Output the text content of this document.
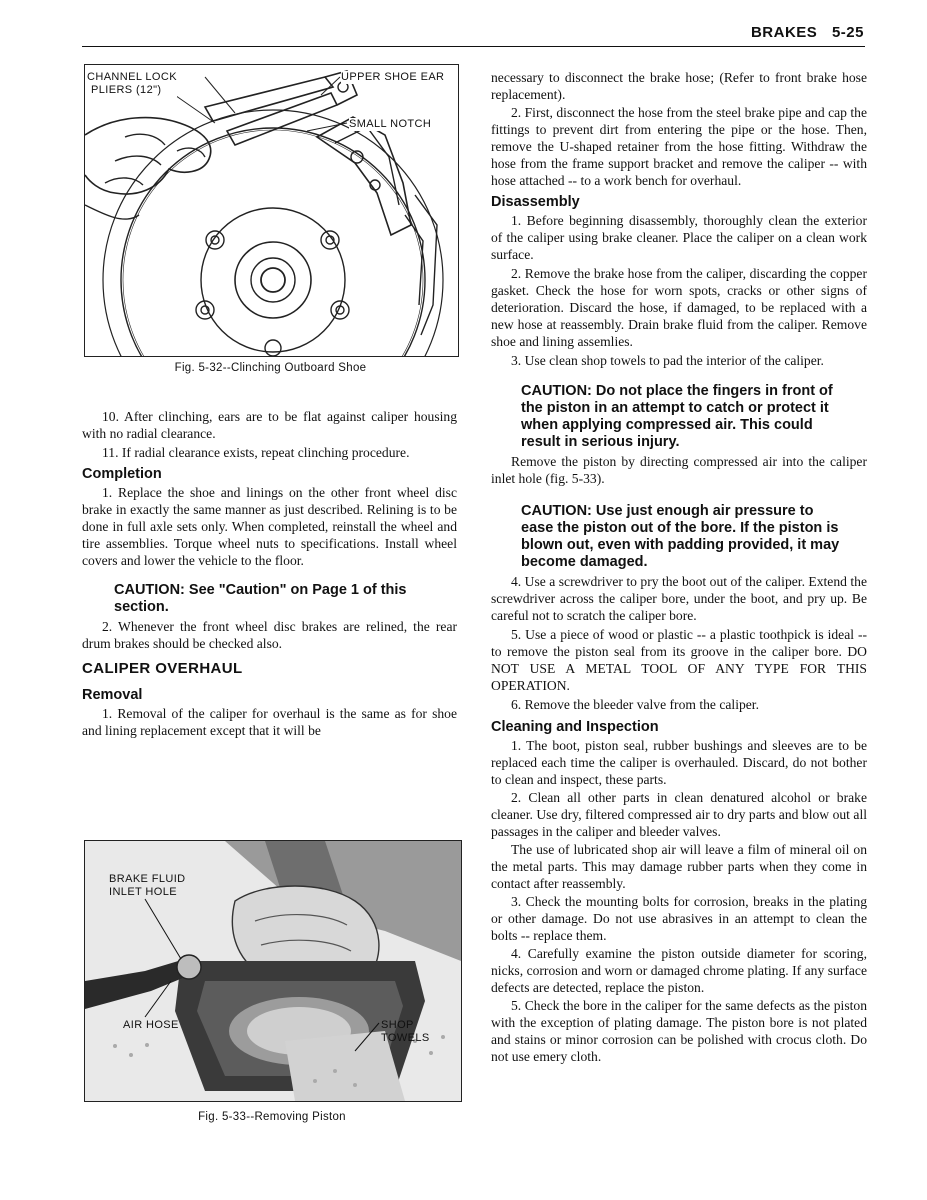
BRAKES 5-25
CHANNEL LOCK
PLIERS (12")
UPPER SHOE EAR
SMALL NOTCH
Fig. 5-32--Clinching Outboard Shoe

10. After clinching, ears are to be flat against caliper housing with no radial clearance.

11. If radial clearance exists, repeat clinching procedure.

Completion

1. Replace the shoe and linings on the other front wheel disc brake in exactly the same manner as just described. Relining is to be done in full axle sets only. When completed, reinstall the wheel and tire assemblies. Torque wheel nuts to specifications. Install wheel covers and lower the vehicle to the floor.

CAUTION: See "Caution" on Page 1 of this section.

2. Whenever the front wheel disc brakes are relined, the rear drum brakes should be checked also.

CALIPER OVERHAUL
Removal

1. Removal of the caliper for overhaul is the same as for shoe and lining replacement except that it will be

BRAKE FLUID
INLET HOLE
AIR HOSE	SHOP
TOWELS
Fig. 5-33--Removing Piston

necessary to disconnect the brake hose; (Refer to front brake hose replacement).

2. First, disconnect the hose from the steel brake pipe and cap the fittings to prevent dirt from entering the pipe or the hose. Then, remove the U-shaped retainer from the hose fitting. Withdraw the hose from the frame support bracket and remove the caliper -- with hose attached -- to a work bench for overhaul.

Disassembly

1. Before beginning disassembly, thoroughly clean the exterior of the caliper using brake cleaner. Place the caliper on a clean work surface.

2. Remove the brake hose from the caliper, discarding the copper gasket. Check the hose for worn spots, cracks or other signs of deterioration. Discard the hose, if damaged, to be replaced with a new hose at reassembly. Drain brake fluid from the caliper. Remove shoe and lining assemlies.

3. Use clean shop towels to pad the interior of the caliper.

CAUTION: Do not place the fingers in front of the piston in an attempt to catch or protect it when applying compressed air. This could result in serious injury.

Remove the piston by directing compressed air into the caliper inlet hole (fig. 5-33).

CAUTION: Use just enough air pressure to ease the piston out of the bore. If the piston is blown out, even with padding provided, it may become damaged.

4. Use a screwdriver to pry the boot out of the caliper. Extend the screwdriver across the caliper bore, under the boot, and pry up. Be careful not to scratch the caliper bore.

5. Use a piece of wood or plastic -- a plastic toothpick is ideal -- to remove the piston seal from its groove in the caliper bore. DO NOT USE A METAL TOOL OF ANY TYPE FOR THIS OPERATION.

6. Remove the bleeder valve from the caliper.

Cleaning and Inspection

1. The boot, piston seal, rubber bushings and sleeves are to be replaced each time the caliper is overhauled. Discard, do not bother to clean and inspect, these parts.

2. Clean all other parts in clean denatured alcohol or brake cleaner. Use dry, filtered compressed air to dry parts and blow out all passages in the caliper and bleeder valves.

The use of lubricated shop air will leave a film of mineral oil on the metal parts. This may damage rubber parts when they come in contact after reassembly.

3. Check the mounting bolts for corrosion, breaks in the plating or other damage. Do not use abrasives in an attempt to clean the bolts -- replace them.

4. Carefully examine the piston outside diameter for scoring, nicks, corrosion and worn or damaged chrome plating. If any surface defects are detected, replace the piston.

5. Check the bore in the caliper for the same defects as the piston with the exception of plating damage. The piston bore is not plated and stains or minor corrosion can be polished with crocus cloth. Do not use emery cloth.
